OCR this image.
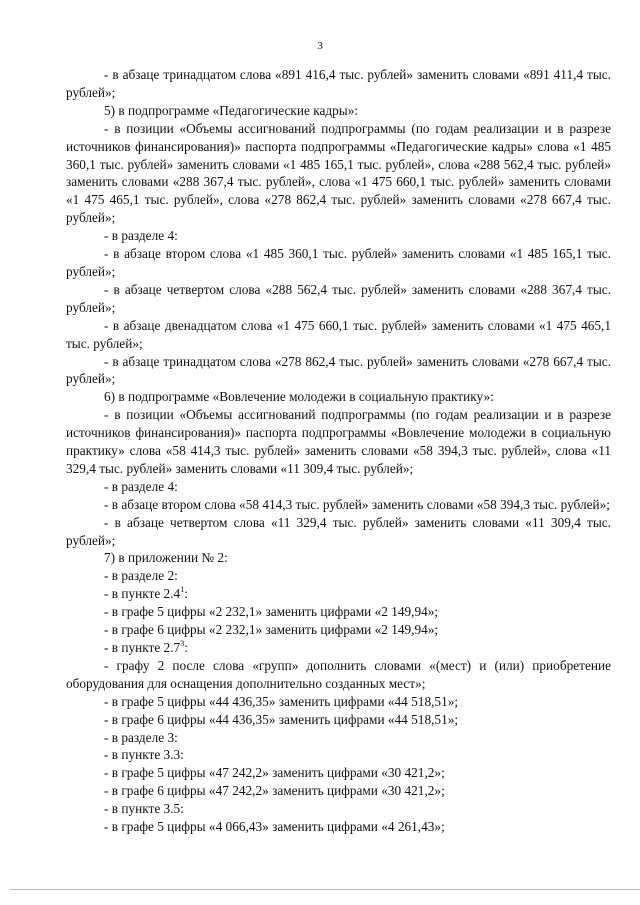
3

- в абзаце тринадцатом слова «891 416,4 тыс. рублей» заменить словами «891 411,4 тыс. рублей»;

5) в подпрограмме «Педагогические кадры»:

- в позиции «Объемы ассигнований подпрограммы (по годам реализации и в разрезе источников финансирования)» паспорта подпрограммы «Педагогические кадры» слова «1 485 360,1 тыс. рублей» заменить словами «1 485 165,1 тыс. рублей», слова «288 562,4 тыс. рублей» заменить словами «288 367,4 тыс. рублей», слова «1 475 660,1 тыс. рублей» заменить словами «1 475 465,1 тыс. рублей», слова «278 862,4 тыс. рублей» заменить словами «278 667,4 тыс. рублей»;

- в разделе 4:

- в абзаце втором слова «1 485 360,1 тыс. рублей» заменить словами «1 485 165,1 тыс. рублей»;

- в абзаце четвертом слова «288 562,4 тыс. рублей» заменить словами «288 367,4 тыс. рублей»;

- в абзаце двенадцатом слова «1 475 660,1 тыс. рублей» заменить словами «1 475 465,1 тыс. рублей»;

- в абзаце тринадцатом слова «278 862,4 тыс. рублей» заменить словами «278 667,4 тыс. рублей»;

6) в подпрограмме «Вовлечение молодежи в социальную практику»:

- в позиции «Объемы ассигнований подпрограммы (по годам реализации и в разрезе источников финансирования)» паспорта подпрограммы «Вовлечение молодежи в социальную практику» слова «58 414,3 тыс. рублей» заменить словами «58 394,3 тыс. рублей», слова «11 329,4 тыс. рублей» заменить словами «11 309,4 тыс. рублей»;

- в разделе 4:

- в абзаце втором слова «58 414,3 тыс. рублей» заменить словами «58 394,3 тыс. рублей»;

- в абзаце четвертом слова «11 329,4 тыс. рублей» заменить словами «11 309,4 тыс. рублей»;

7) в приложении № 2:

- в разделе 2:

- в пункте $2.4^1$:

- в графе 5 цифры «2 232,1» заменить цифрами «2 149,94»;

- в графе 6 цифры «2 232,1» заменить цифрами «2 149,94»;

- в пункте $2.7^3$:

- графу 2 после слова «групп» дополнить словами «(мест) и (или) приобретение оборудования для оснащения дополнительно созданных мест»;

- в графе 5 цифры «44 436,35» заменить цифрами «44 518,51»;

- в графе 6 цифры «44 436,35» заменить цифрами «44 518,51»;

- в разделе 3:

- в пункте 3.3:

- в графе 5 цифры «47 242,2» заменить цифрами «30 421,2»;

- в графе 6 цифры «47 242,2» заменить цифрами «30 421,2»;

- в пункте 3.5:

- в графе 5 цифры «4 066,43» заменить цифрами «4 261,43»;
